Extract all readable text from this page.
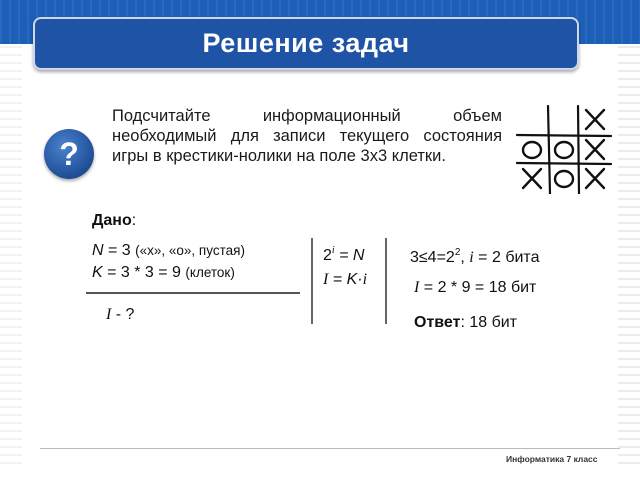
Решение задач
?
Подсчитайте информационный объем необходимый для записи текущего состояния игры в крестики-нолики на поле 3х3 клетки.
Дано:
N = 3 («х», «о», пустая)
K = 3 * 3 = 9 (клеток)
I - ?
$2^i = N$
I = K·i
$3\le 4=2^2$, i = 2 бита
I = 2 * 9 = 18 бит
Ответ: 18 бит
Информатика 7 класс
